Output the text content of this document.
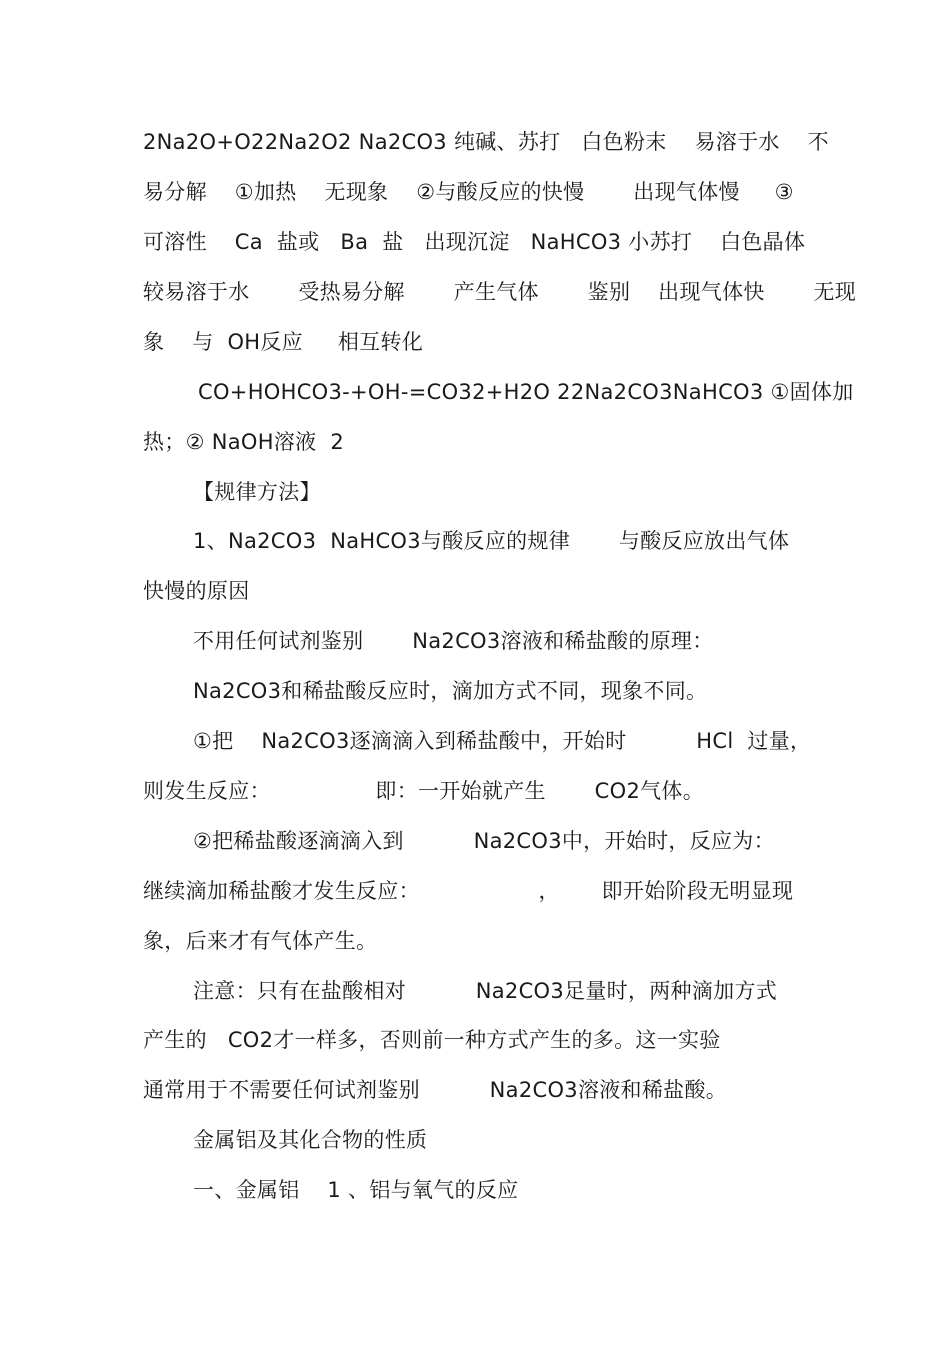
2Na2O+O22Na2O2 Na2CO3 纯碱、苏打   白色粉末    易溶于水    不
易分解    ①加热    无现象    ②与酸反应的快慢       出现气体慢     ③
可溶性    Ca  盐或   Ba  盐   出现沉淀   NaHCO3 小苏打    白色晶体
较易溶于水       受热易分解       产生气体       鉴别    出现气体快       无现
象    与  OH反应     相互转化
CO+HOHCO3-+OH-=CO32+H2O 22Na2CO3NaHCO3 ①固体加
热；② NaOH溶液  2
【规律方法】
1、Na2CO3  NaHCO3与酸反应的规律       与酸反应放出气体
快慢的原因
不用任何试剂鉴别       Na2CO3溶液和稀盐酸的原理：
Na2CO3和稀盐酸反应时，滴加方式不同，现象不同。
①把    Na2CO3逐滴滴入到稀盐酸中，开始时          HCl  过量，
则发生反应：               即：一开始就产生       CO2气体。
②把稀盐酸逐滴滴入到          Na2CO3中，开始时，反应为：
继续滴加稀盐酸才发生反应：                 ，      即开始阶段无明显现
象，后来才有气体产生。
注意：只有在盐酸相对          Na2CO3足量时，两种滴加方式
产生的   CO2才一样多，否则前一种方式产生的多。这一实验
通常用于不需要任何试剂鉴别          Na2CO3溶液和稀盐酸。
金属铝及其化合物的性质
一、金属铝    1 、铝与氧气的反应
